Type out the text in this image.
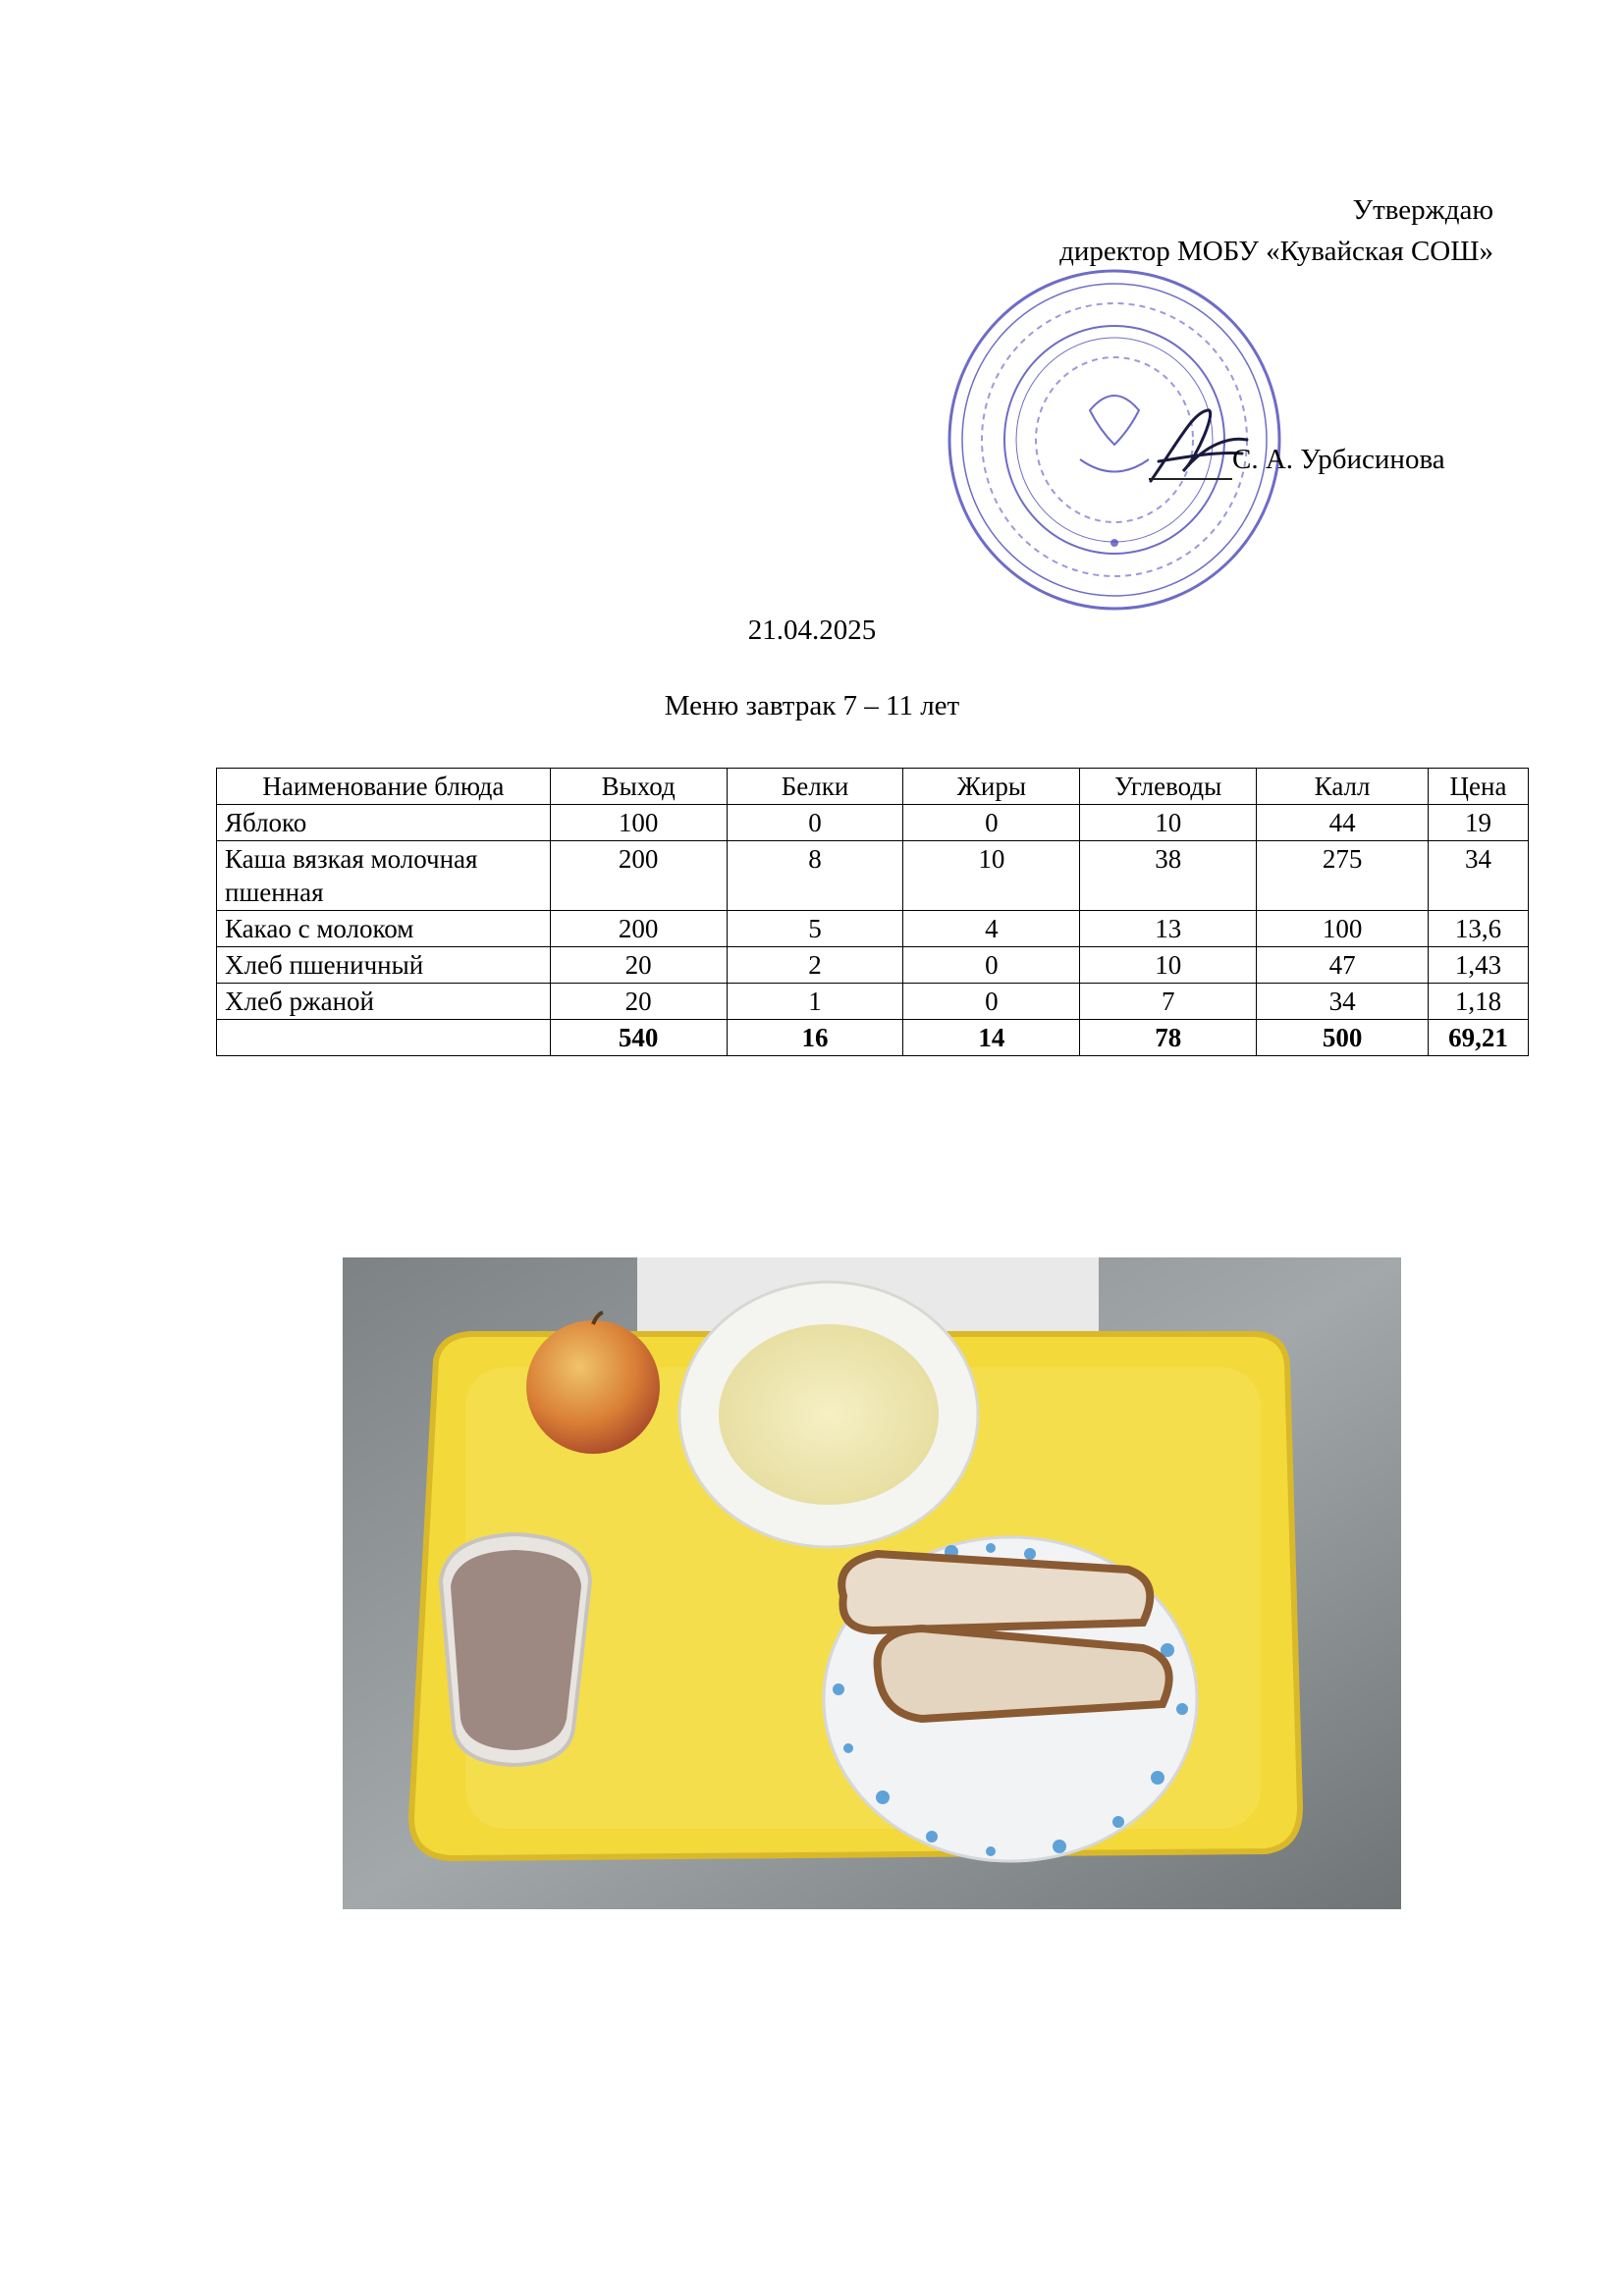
Утверждаю
директор МОБУ «Кувайская СОШ»
С. А. Урбисинова
21.04.2025
Меню завтрак 7 – 11 лет
Наименование блюда	Выход	Белки	Жиры	Углеводы	Калл	Цена
Яблоко	100	0	0	10	44	19
Каша вязкая молочная пшенная	200	8	10	38	275	34
Какао с молоком	200	5	4	13	100	13,6
Хлеб пшеничный	20	2	0	10	47	1,43
Хлеб ржаной	20	1	0	7	34	1,18
	540	16	14	78	500	69,21
